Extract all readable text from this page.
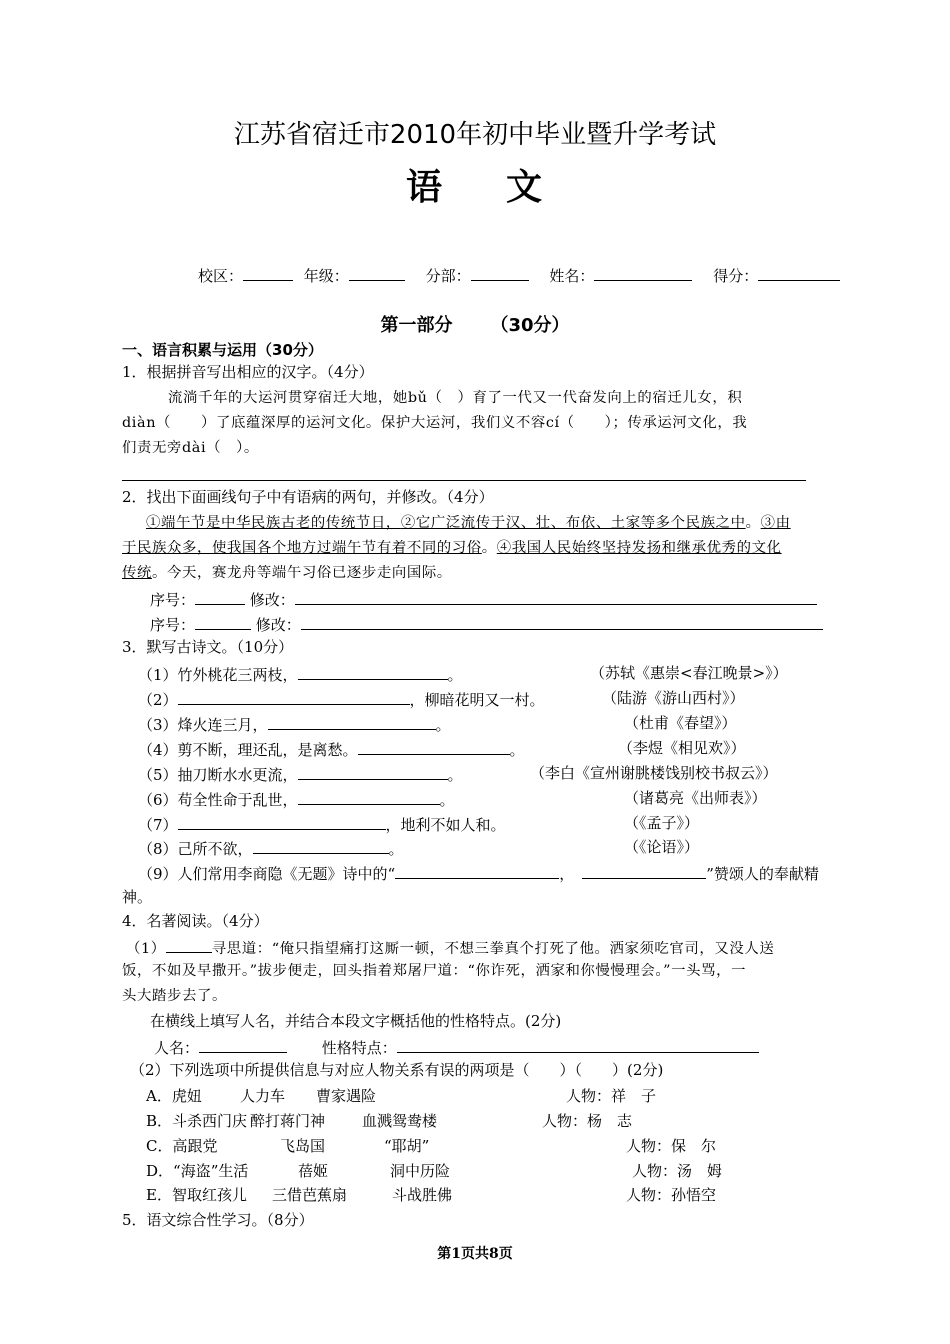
江苏省宿迁市2010年初中毕业暨升学考试
语 文
校区：	年级：	分部：	姓名：	得分：
第一部分 （30分）
一、语言积累与运用（30分）
1．根据拼音写出相应的汉字。（4分）
流淌千年的大运河贯穿宿迁大地，她bǔ（　）育了一代又一代奋发向上的宿迁儿女，积
diàn（　　）了底蕴深厚的运河文化。保护大运河，我们义不容cí（　　）；传承运河文化，我
们责无旁dài（　）。
2．找出下面画线句子中有语病的两句，并修改。（4分）
①端午节是中华民族古老的传统节日，②它广泛流传于汉、壮、布依、土家等多个民族之中。③由
于民族众多，使我国各个地方过端午节有着不同的习俗。④我国人民始终坚持发扬和继承优秀的文化
传统。今天，赛龙舟等端午习俗已逐步走向国际。
序号：	修改：
序号：	修改：
3．默写古诗文。（10分）
（1）竹外桃花三两枝，	。	（苏轼《惠崇<春江晚景>》）
（2）	，柳暗花明又一村。	（陆游《游山西村》）
（3）烽火连三月，	。	（杜甫《春望》）
（4）剪不断，理还乱，是离愁。	。	（李煜《相见欢》）
（5）抽刀断水水更流，	。	（李白《宣州谢朓楼饯别校书叔云》）
（6）苟全性命于乱世，	。	（诸葛亮《出师表》）
（7）	，地利不如人和。	（《孟子》）
（8）己所不欲，	。	（《论语》）
（9）人们常用李商隐《无题》诗中的“	，	”赞颂人的奉献精
神。
4．名著阅读。（4分）
（1）	寻思道：“俺只指望痛打这厮一顿，不想三拳真个打死了他。洒家须吃官司，又没人送
饭，不如及早撒开。”拔步便走，回头指着郑屠尸道：“你诈死，洒家和你慢慢理会。”一头骂，一
头大踏步去了。
在横线上填写人名，并结合本段文字概括他的性格特点。(2分)
人名：	性格特点：
（2）下列选项中所提供信息与对应人物关系有误的两项是（　　）（　　）(2分)
A．虎妞	人力车 曹家遇险	人物：祥　子
B．斗杀西门庆 醉打蒋门神 血溅鸳鸯楼	人物：杨　志
C．高跟党	飞岛国	“耶胡”	人物：保　尔
D．“海盗”生活	蓓姬	洞中历险	人物：汤　姆
E．智取红孩儿 三借芭蕉扇	斗战胜佛	人物：孙悟空
5．语文综合性学习。（8分）
第1页共8页
